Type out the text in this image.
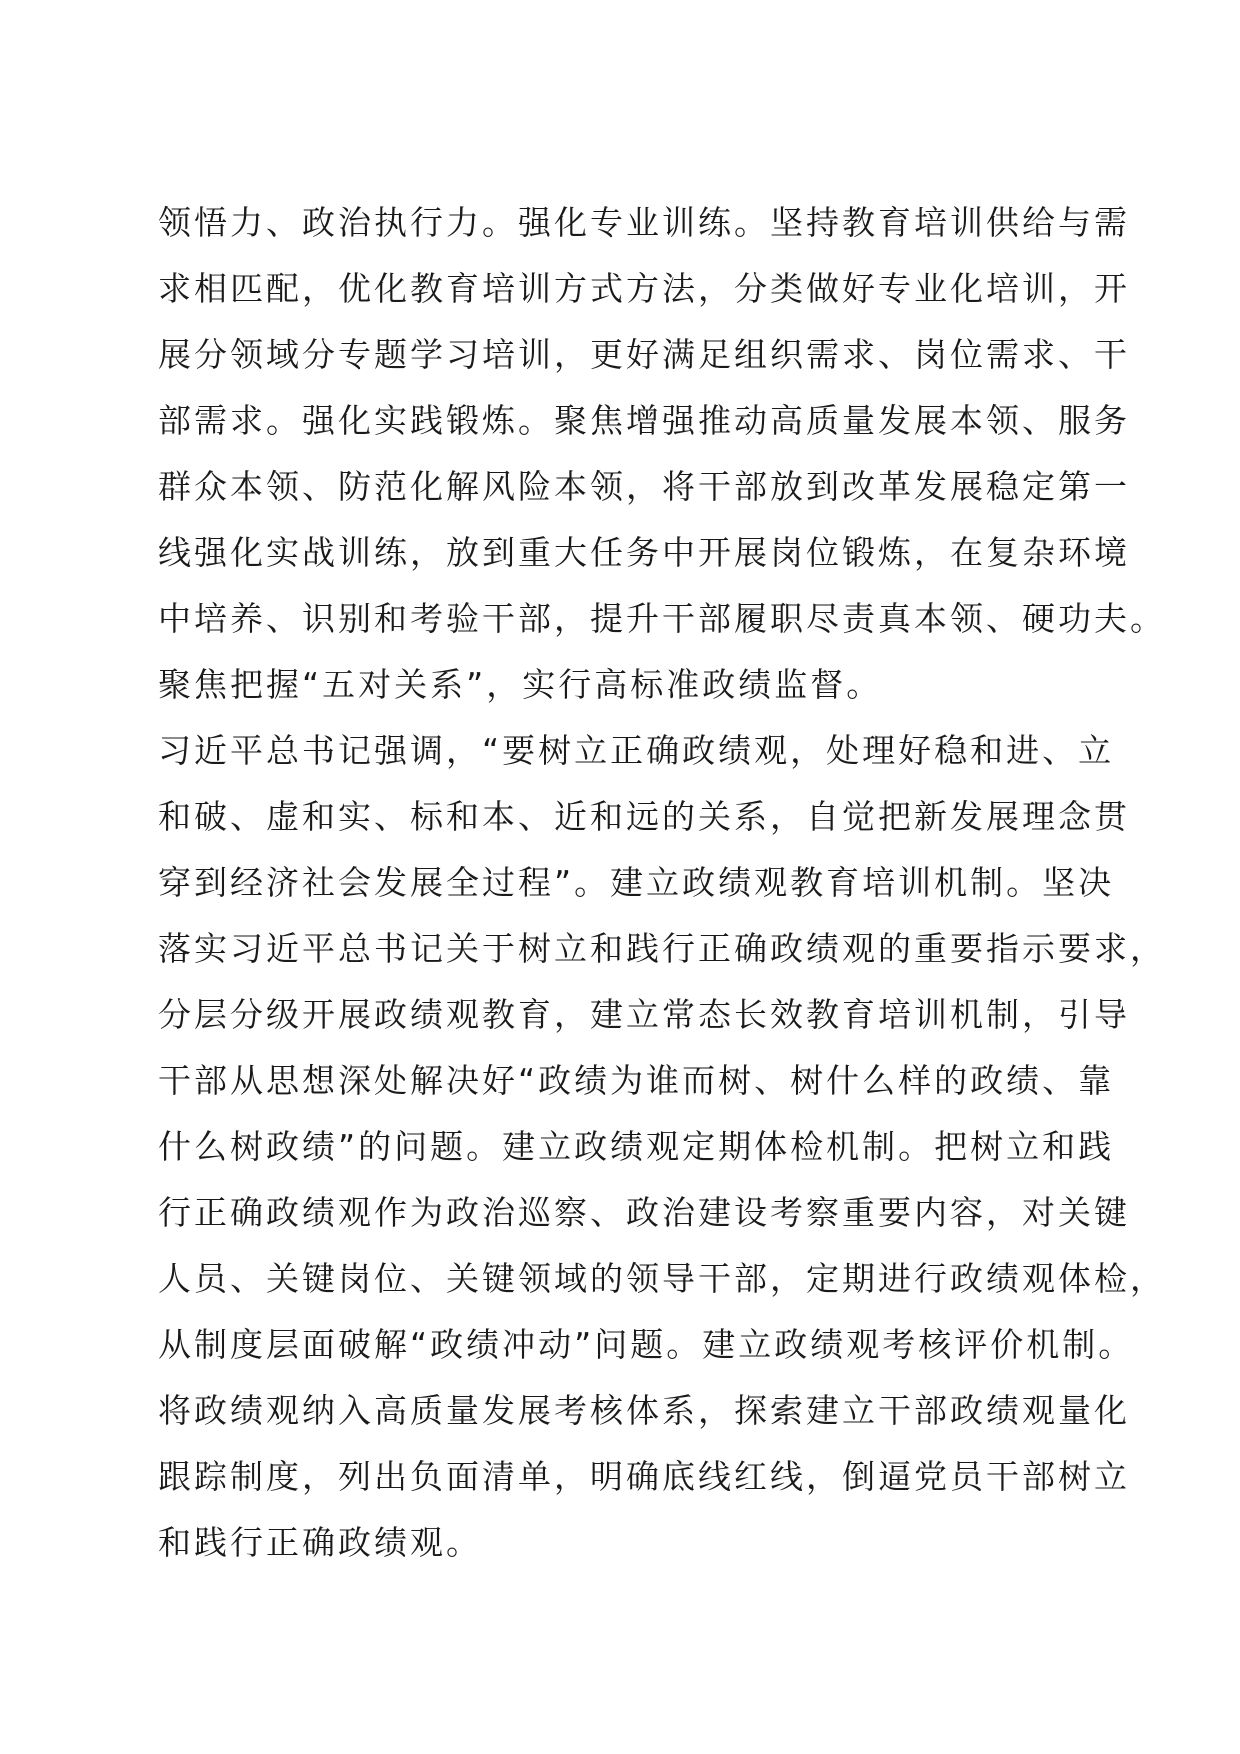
领悟力、政治执行力。强化专业训练。坚持教育培训供给与需
求相匹配，优化教育培训方式方法，分类做好专业化培训，开
展分领域分专题学习培训，更好满足组织需求、岗位需求、干
部需求。强化实践锻炼。聚焦增强推动高质量发展本领、服务
群众本领、防范化解风险本领，将干部放到改革发展稳定第一
线强化实战训练，放到重大任务中开展岗位锻炼，在复杂环境
中培养、识别和考验干部，提升干部履职尽责真本领、硬功夫。
聚焦把握“五对关系”，实行高标准政绩监督。
习近平总书记强调，“要树立正确政绩观，处理好稳和进、立
和破、虚和实、标和本、近和远的关系，自觉把新发展理念贯
穿到经济社会发展全过程”。建立政绩观教育培训机制。坚决
落实习近平总书记关于树立和践行正确政绩观的重要指示要求，
分层分级开展政绩观教育，建立常态长效教育培训机制，引导
干部从思想深处解决好“政绩为谁而树、树什么样的政绩、靠
什么树政绩”的问题。建立政绩观定期体检机制。把树立和践
行正确政绩观作为政治巡察、政治建设考察重要内容，对关键
人员、关键岗位、关键领域的领导干部，定期进行政绩观体检，
从制度层面破解“政绩冲动”问题。建立政绩观考核评价机制。
将政绩观纳入高质量发展考核体系，探索建立干部政绩观量化
跟踪制度，列出负面清单，明确底线红线，倒逼党员干部树立
和践行正确政绩观。
